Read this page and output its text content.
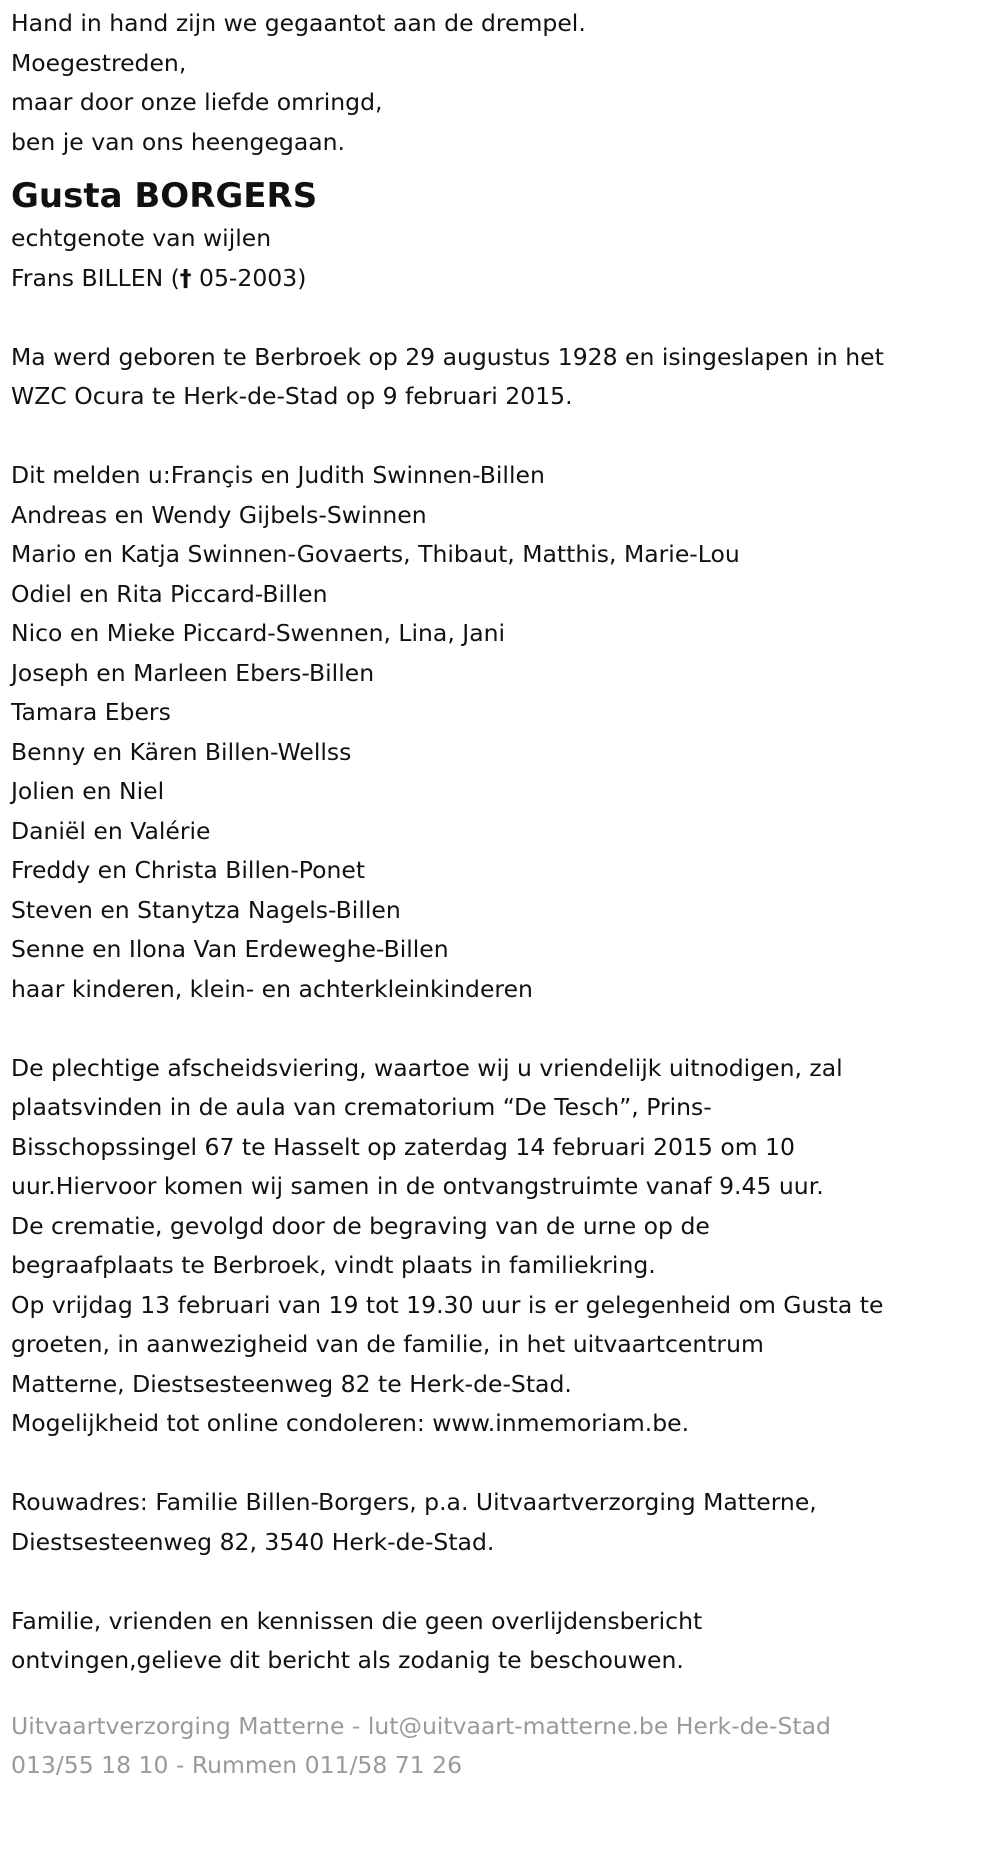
Hand in hand zijn we gegaantot aan de drempel.
Moegestreden,
maar door onze liefde omringd,
ben je van ons heengegaan.
Gusta BORGERS
echtgenote van wijlen
Frans BILLEN († 05-2003)
Ma werd geboren te Berbroek op 29 augustus 1928 en isingeslapen in het
WZC Ocura te Herk-de-Stad op 9 februari 2015.
Dit melden u:Françis en Judith Swinnen-Billen
Andreas en Wendy Gijbels-Swinnen
Mario en Katja Swinnen-Govaerts, Thibaut, Matthis, Marie-Lou
Odiel en Rita Piccard-Billen
Nico en Mieke Piccard-Swennen, Lina, Jani
Joseph en Marleen Ebers-Billen
Tamara Ebers
Benny en Kären Billen-Wellss
Jolien en Niel
Daniël en Valérie
Freddy en Christa Billen-Ponet
Steven en Stanytza Nagels-Billen
Senne en Ilona Van Erdeweghe-Billen
haar kinderen, klein- en achterkleinkinderen
De plechtige afscheidsviering, waartoe wij u vriendelijk uitnodigen, zal
plaatsvinden in de aula van crematorium “De Tesch”, Prins-
Bisschopssingel 67 te Hasselt op zaterdag 14 februari 2015 om 10
uur.Hiervoor komen wij samen in de ontvangstruimte vanaf 9.45 uur.
De crematie, gevolgd door de begraving van de urne op de
begraafplaats te Berbroek, vindt plaats in familiekring.
Op vrijdag 13 februari van 19 tot 19.30 uur is er gelegenheid om Gusta te
groeten, in aanwezigheid van de familie, in het uitvaartcentrum
Matterne, Diestsesteenweg 82 te Herk-de-Stad.
Mogelijkheid tot online condoleren: www.inmemoriam.be.
Rouwadres: Familie Billen-Borgers, p.a. Uitvaartverzorging Matterne,
Diestsesteenweg 82, 3540 Herk-de-Stad.
Familie, vrienden en kennissen die geen overlijdensbericht
ontvingen,gelieve dit bericht als zodanig te beschouwen.
Uitvaartverzorging Matterne - lut@uitvaart-matterne.be Herk-de-Stad
013/55 18 10 - Rummen 011/58 71 26
